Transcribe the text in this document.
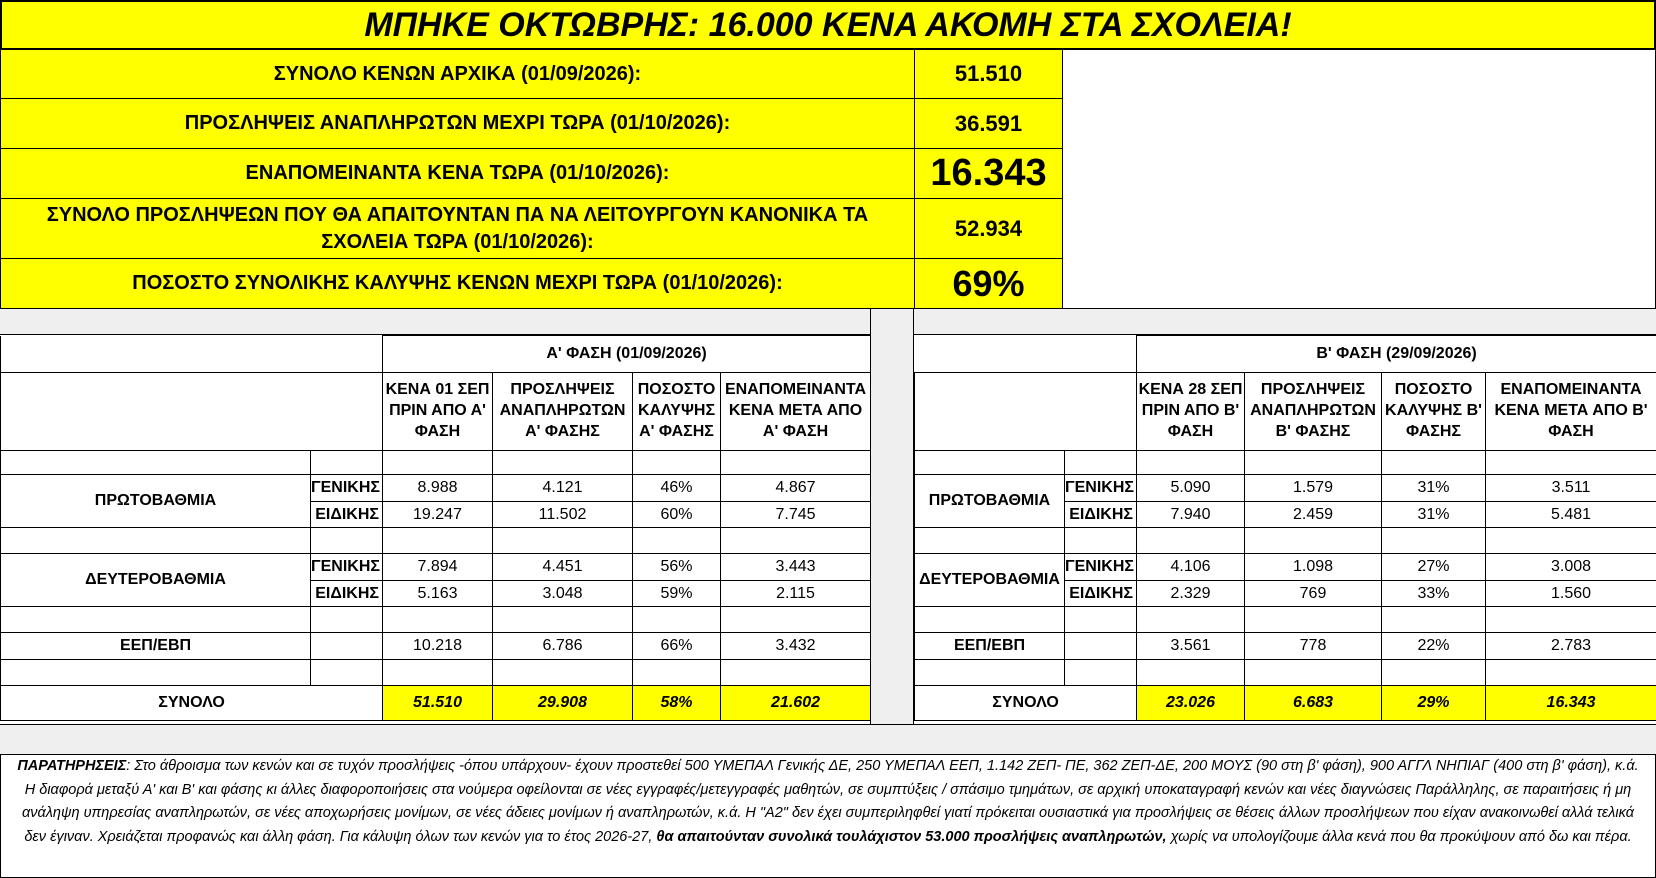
ΜΠΗΚΕ ΟΚΤΩΒΡΗΣ: 16.000 ΚΕΝΑ ΑΚΟΜΗ ΣΤΑ ΣΧΟΛΕΙΑ!
ΣΥΝΟΛΟ ΚΕΝΩΝ ΑΡΧΙΚΑ (01/09/2026):	51.510
ΠΡΟΣΛΗΨΕΙΣ ΑΝΑΠΛΗΡΩΤΩΝ ΜΕΧΡΙ ΤΩΡΑ (01/10/2026):	36.591
ΕΝΑΠΟΜΕΙΝΑΝΤΑ ΚΕΝΑ ΤΩΡΑ (01/10/2026):	16.343
ΣΥΝΟΛΟ ΠΡΟΣΛΗΨΕΩΝ ΠΟΥ ΘΑ ΑΠΑΙΤΟΥΝΤΑΝ ΠΑ ΝΑ ΛΕΙΤΟΥΡΓΟΥΝ ΚΑΝΟΝΙΚΑ ΤΑ ΣΧΟΛΕΙΑ ΤΩΡΑ (01/10/2026):
52.934
ΠΟΣΟΣΤΟ ΣΥΝΟΛΙΚΗΣ ΚΑΛΥΨΗΣ ΚΕΝΩΝ ΜΕΧΡΙ ΤΩΡΑ (01/10/2026):	69%
		Α' ΦΑΣΗ (01/09/2026)			
		ΚΕΝΑ 01 ΣΕΠ ΠΡΙΝ ΑΠΟ Α' ΦΑΣΗ	ΠΡΟΣΛΗΨΕΙΣ ΑΝΑΠΛΗΡΩΤΩΝ Α' ΦΑΣΗΣ	ΠΟΣΟΣΤΟ ΚΑΛΥΨΗΣ Α' ΦΑΣΗΣ	ΕΝΑΠΟΜΕΙΝΑΝΤΑ ΚΕΝΑ ΜΕΤΑ ΑΠΟ Α' ΦΑΣΗ

ΠΡΩΤΟΒΑΘΜΙΑ	ΓΕΝΙΚΗΣ	8.988	4.121	46%	4.867
	ΕΙΔΙΚΗΣ	19.247	11.502	60%	7.745

ΔΕΥΤΕΡΟΒΑΘΜΙΑ	ΓΕΝΙΚΗΣ	7.894	4.451	56%	3.443
	ΕΙΔΙΚΗΣ	5.163	3.048	59%	2.115

ΕΕΠ/ΕΒΠ		10.218	6.786	66%	3.432

ΣΥΝΟΛΟ		51.510	29.908	58%	21.602
		Β' ΦΑΣΗ (29/09/2026)			
		ΚΕΝΑ 28 ΣΕΠ ΠΡΙΝ ΑΠΟ Β' ΦΑΣΗ	ΠΡΟΣΛΗΨΕΙΣ ΑΝΑΠΛΗΡΩΤΩΝ Β' ΦΑΣΗΣ	ΠΟΣΟΣΤΟ ΚΑΛΥΨΗΣ Β' ΦΑΣΗΣ	ΕΝΑΠΟΜΕΙΝΑΝΤΑ ΚΕΝΑ ΜΕΤΑ ΑΠΟ Β' ΦΑΣΗ

ΠΡΩΤΟΒΑΘΜΙΑ	ΓΕΝΙΚΗΣ	5.090	1.579	31%	3.511
	ΕΙΔΙΚΗΣ	7.940	2.459	31%	5.481

ΔΕΥΤΕΡΟΒΑΘΜΙΑ	ΓΕΝΙΚΗΣ	4.106	1.098	27%	3.008
	ΕΙΔΙΚΗΣ	2.329	769	33%	1.560

ΕΕΠ/ΕΒΠ		3.561	778	22%	2.783

ΣΥΝΟΛΟ		23.026	6.683	29%	16.343
ΠΑΡΑΤΗΡΗΣΕΙΣ: Στο άθροισμα των κενών και σε τυχόν προσλήψεις -όπου υπάρχουν- έχουν προστεθεί 500 ΥΜΕΠΑΛ Γενικής ΔΕ, 250 ΥΜΕΠΑΛ ΕΕΠ, 1.142 ΖΕΠ- ΠΕ, 362 ΖΕΠ-ΔΕ, 200 ΜΟΥΣ (90 στη β' φάση), 900 ΑΓΓΛ ΝΗΠΙΑΓ (400 στη β' φάση), κ.ά. Η διαφορά μεταξύ Α' και Β' και φάσης κι άλλες διαφοροποιήσεις στα νούμερα οφείλονται σε νέες εγγραφές/μετεγγραφές μαθητών, σε συμπτύξεις / σπάσιμο τμημάτων, σε αρχική υποκαταγραφή κενών και νέες διαγνώσεις Παράλληλης, σε παραιτήσεις ή μη ανάληψη υπηρεσίας αναπληρωτών, σε νέες αποχωρήσεις μονίμων, σε νέες άδειες μονίμων ή αναπληρωτών, κ.ά. Η "Α2" δεν έχει συμπεριληφθεί γιατί πρόκειται ουσιαστικά για προσλήψεις σε θέσεις άλλων προσλήψεων που είχαν ανακοινωθεί αλλά τελικά δεν έγιναν. Χρειάζεται προφανώς και άλλη φάση. Για κάλυψη όλων των κενών για το έτος 2026-27, θα απαιτούνταν συνολικά τουλάχιστον 53.000 προσλήψεις αναπληρωτών, χωρίς να υπολογίζουμε άλλα κενά που θα προκύψουν από δω και πέρα.
